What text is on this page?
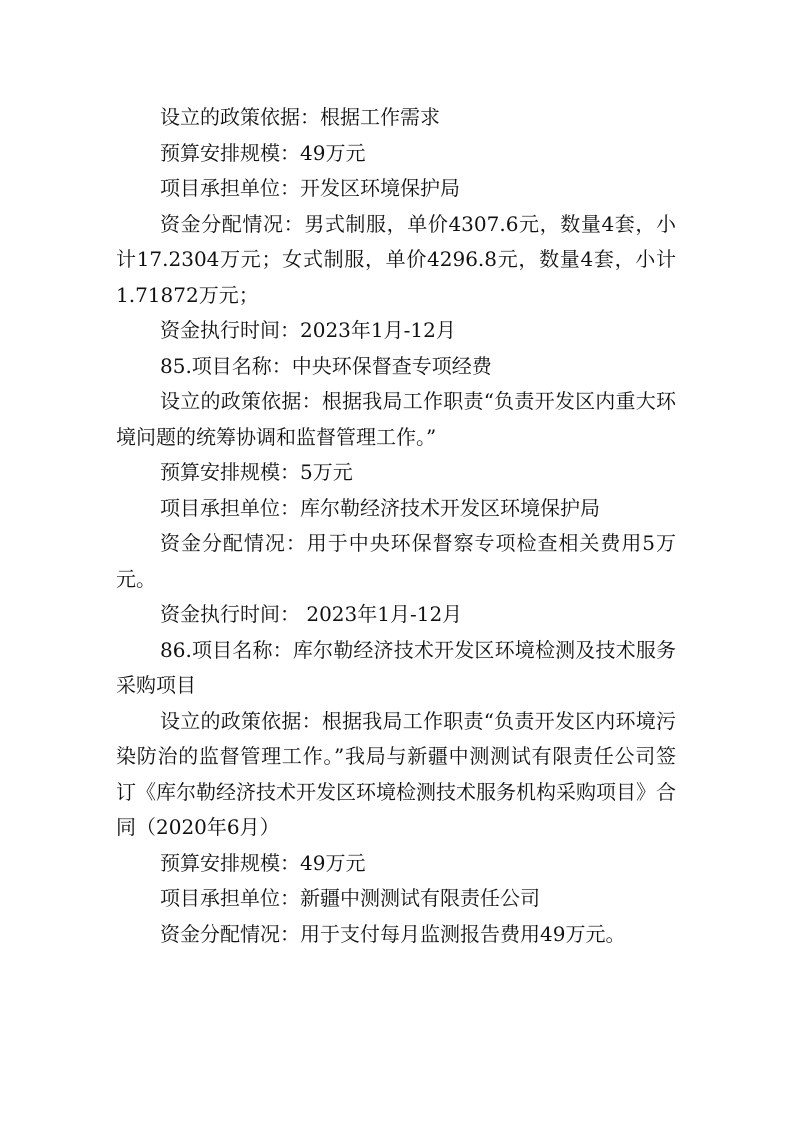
设立的政策依据：根据工作需求

预算安排规模：49万元

项目承担单位：开发区环境保护局

资金分配情况：男式制服，单价4307.6元，数量4套，小计17.2304万元；女式制服，单价4296.8元，数量4套，小计1.71872万元；

资金执行时间：2023年1月-12月

85.项目名称：中央环保督查专项经费

设立的政策依据：根据我局工作职责“负责开发区内重大环境问题的统筹协调和监督管理工作。”

预算安排规模：5万元

项目承担单位：库尔勒经济技术开发区环境保护局

资金分配情况：用于中央环保督察专项检查相关费用5万元。

资金执行时间： 2023年1月-12月

86.项目名称：库尔勒经济技术开发区环境检测及技术服务采购项目

设立的政策依据：根据我局工作职责“负责开发区内环境污染防治的监督管理工作。”我局与新疆中测测试有限责任公司签订《库尔勒经济技术开发区环境检测技术服务机构采购项目》合同（2020年6月）

预算安排规模：49万元

项目承担单位：新疆中测测试有限责任公司

资金分配情况：用于支付每月监测报告费用49万元。
